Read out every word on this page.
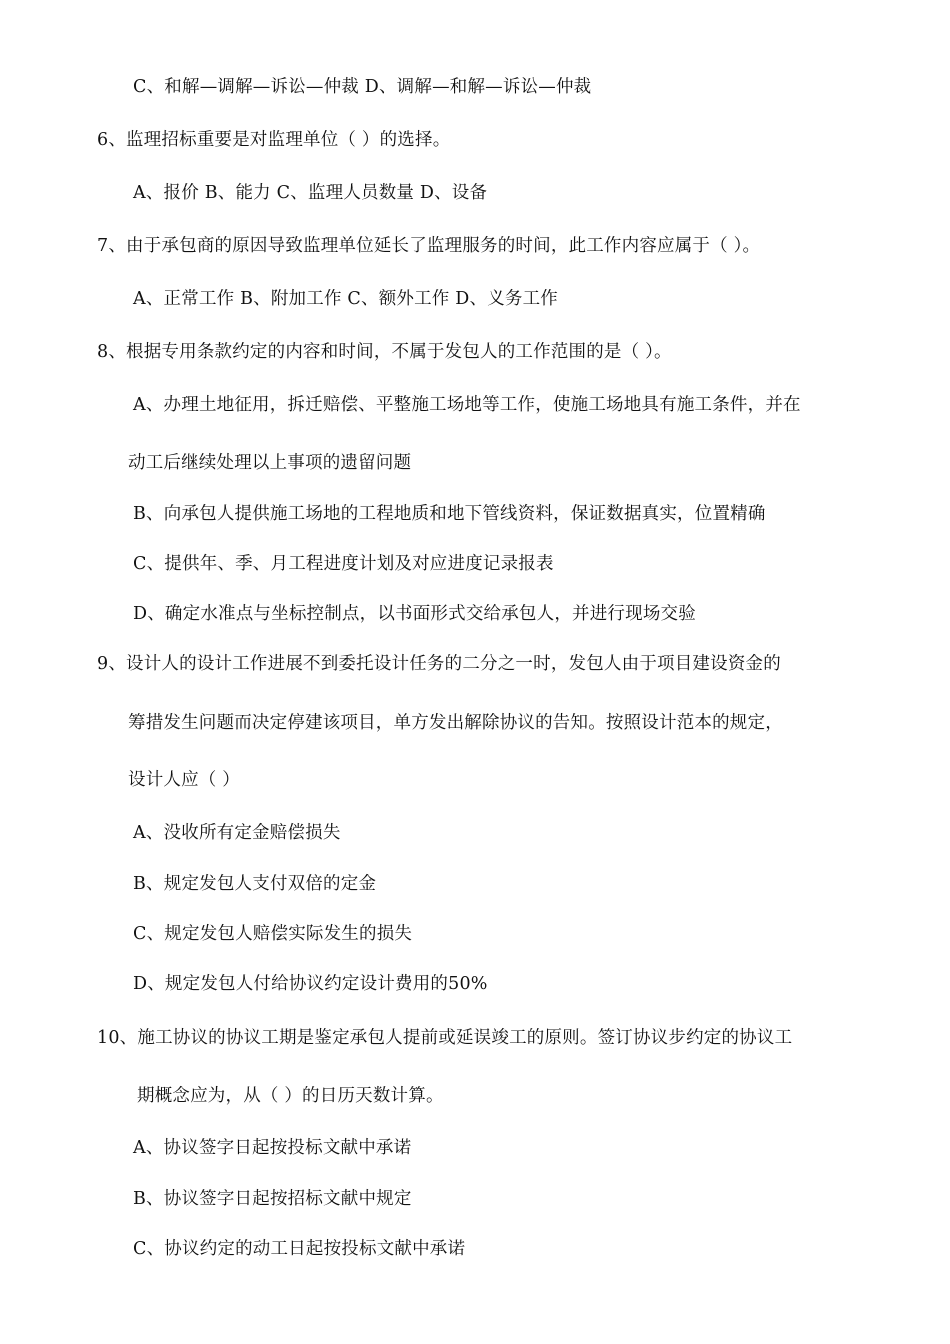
C、和解—调解—诉讼—仲裁 D、调解—和解—诉讼—仲裁
6、监理招标重要是对监理单位（ ）的选择。
A、报价 B、能力 C、监理人员数量 D、设备
7、由于承包商的原因导致监理单位延长了监理服务的时间，此工作内容应属于（ ）。
A、正常工作 B、附加工作 C、额外工作 D、义务工作
8、根据专用条款约定的内容和时间，不属于发包人的工作范围的是（ ）。
A、办理土地征用，拆迁赔偿、平整施工场地等工作，使施工场地具有施工条件，并在
动工后继续处理以上事项的遗留问题
B、向承包人提供施工场地的工程地质和地下管线资料，保证数据真实，位置精确
C、提供年、季、月工程进度计划及对应进度记录报表
D、确定水准点与坐标控制点，以书面形式交给承包人，并进行现场交验
9、设计人的设计工作进展不到委托设计任务的二分之一时，发包人由于项目建设资金的
筹措发生问题而决定停建该项目，单方发出解除协议的告知。按照设计范本的规定，
设计人应（ ）
A、没收所有定金赔偿损失
B、规定发包人支付双倍的定金
C、规定发包人赔偿实际发生的损失
D、规定发包人付给协议约定设计费用的50%
10、施工协议的协议工期是鉴定承包人提前或延误竣工的原则。签订协议步约定的协议工
期概念应为，从（ ）的日历天数计算。
A、协议签字日起按投标文献中承诺
B、协议签字日起按招标文献中规定
C、协议约定的动工日起按投标文献中承诺
